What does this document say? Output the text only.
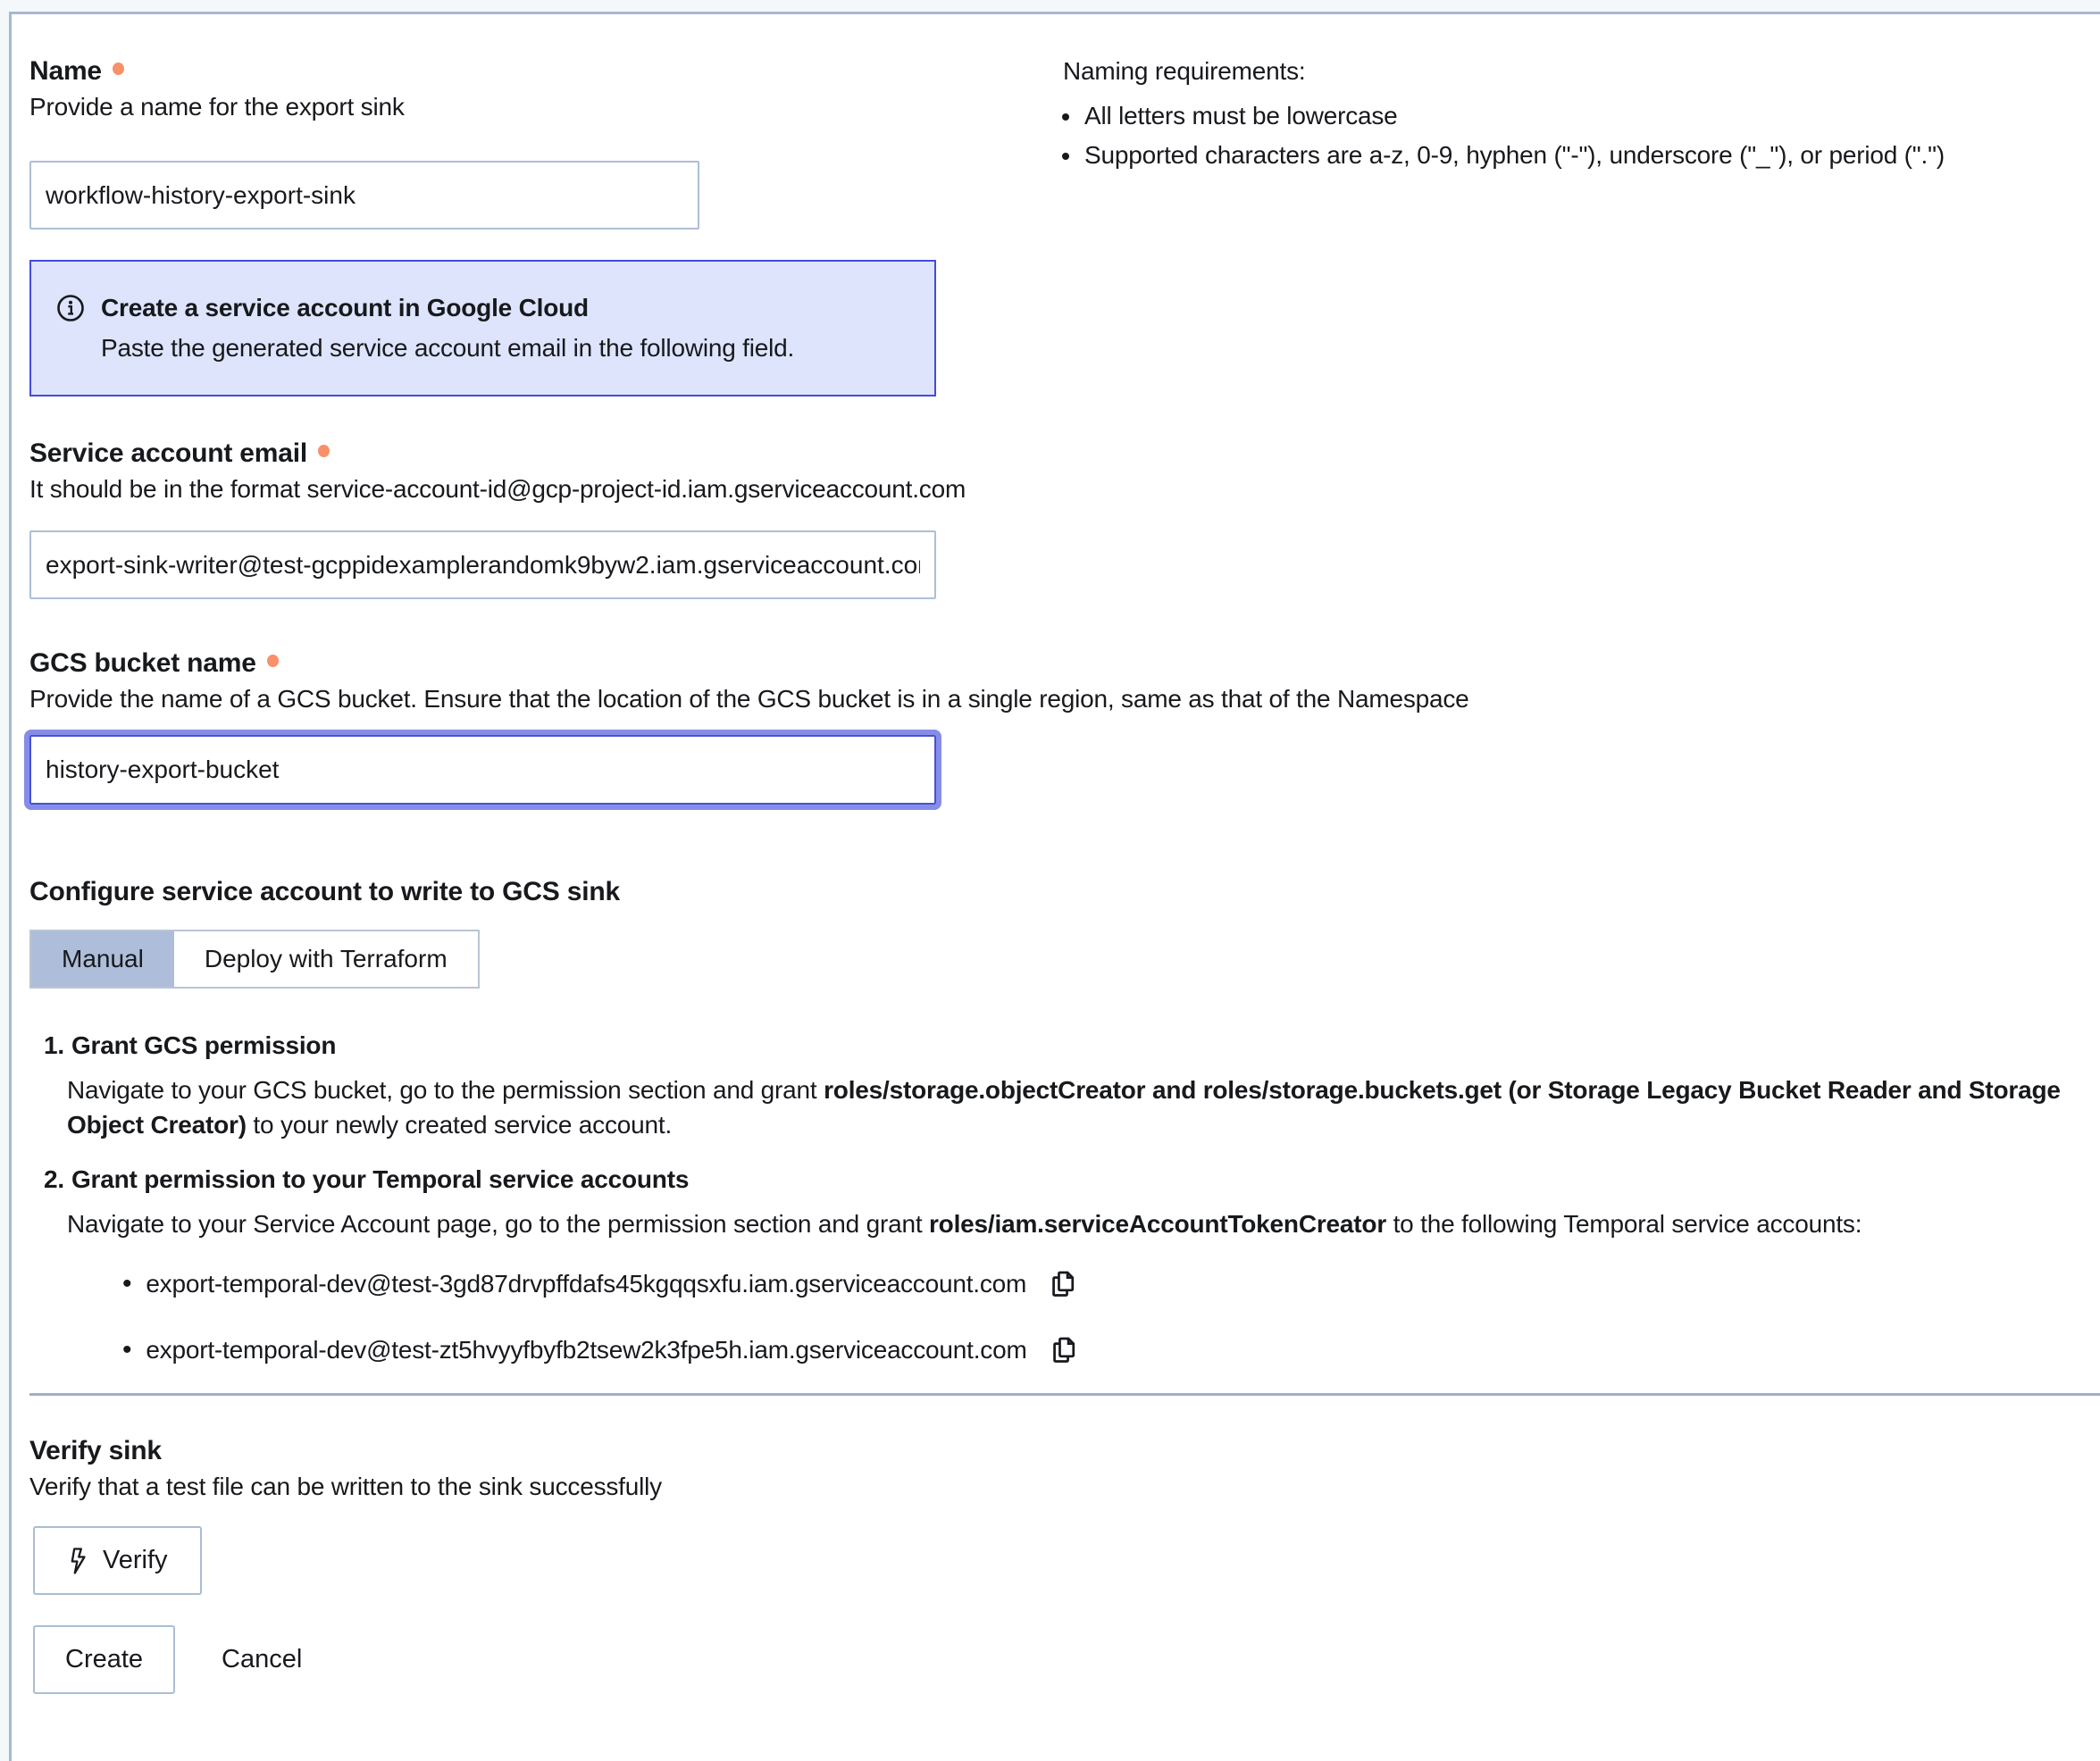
Name
Provide a name for the export sink
workflow-history-export-sink
Naming requirements:
• All letters must be lowercase
• Supported characters are a-z, 0-9, hyphen ("-"), underscore ("_"), or period (".")
Create a service account in Google Cloud
Paste the generated service account email in the following field.
Service account email
It should be in the format service-account-id@gcp-project-id.iam.gserviceaccount.com
export-sink-writer@test-gcppidexamplerandomk9byw2.iam.gserviceaccount.com
GCS bucket name
Provide the name of a GCS bucket. Ensure that the location of the GCS bucket is in a single region, same as that of the Namespace
history-export-bucket
Configure service account to write to GCS sink
Manual	Deploy with Terraform
1. Grant GCS permission

Navigate to your GCS bucket, go to the permission section and grant roles/storage.objectCreator and roles/storage.buckets.get (or Storage Legacy Bucket Reader and Storage Object Creator) to your newly created service account.

2. Grant permission to your Temporal service accounts

Navigate to your Service Account page, go to the permission section and grant roles/iam.serviceAccountTokenCreator to the following Temporal service accounts:

• export-temporal-dev@test-3gd87drvpffdafs45kgqqsxfu.iam.gserviceaccount.com
• export-temporal-dev@test-zt5hvyyfbyfb2tsew2k3fpe5h.iam.gserviceaccount.com
Verify sink
Verify that a test file can be written to the sink successfully
Verify
Create	Cancel
